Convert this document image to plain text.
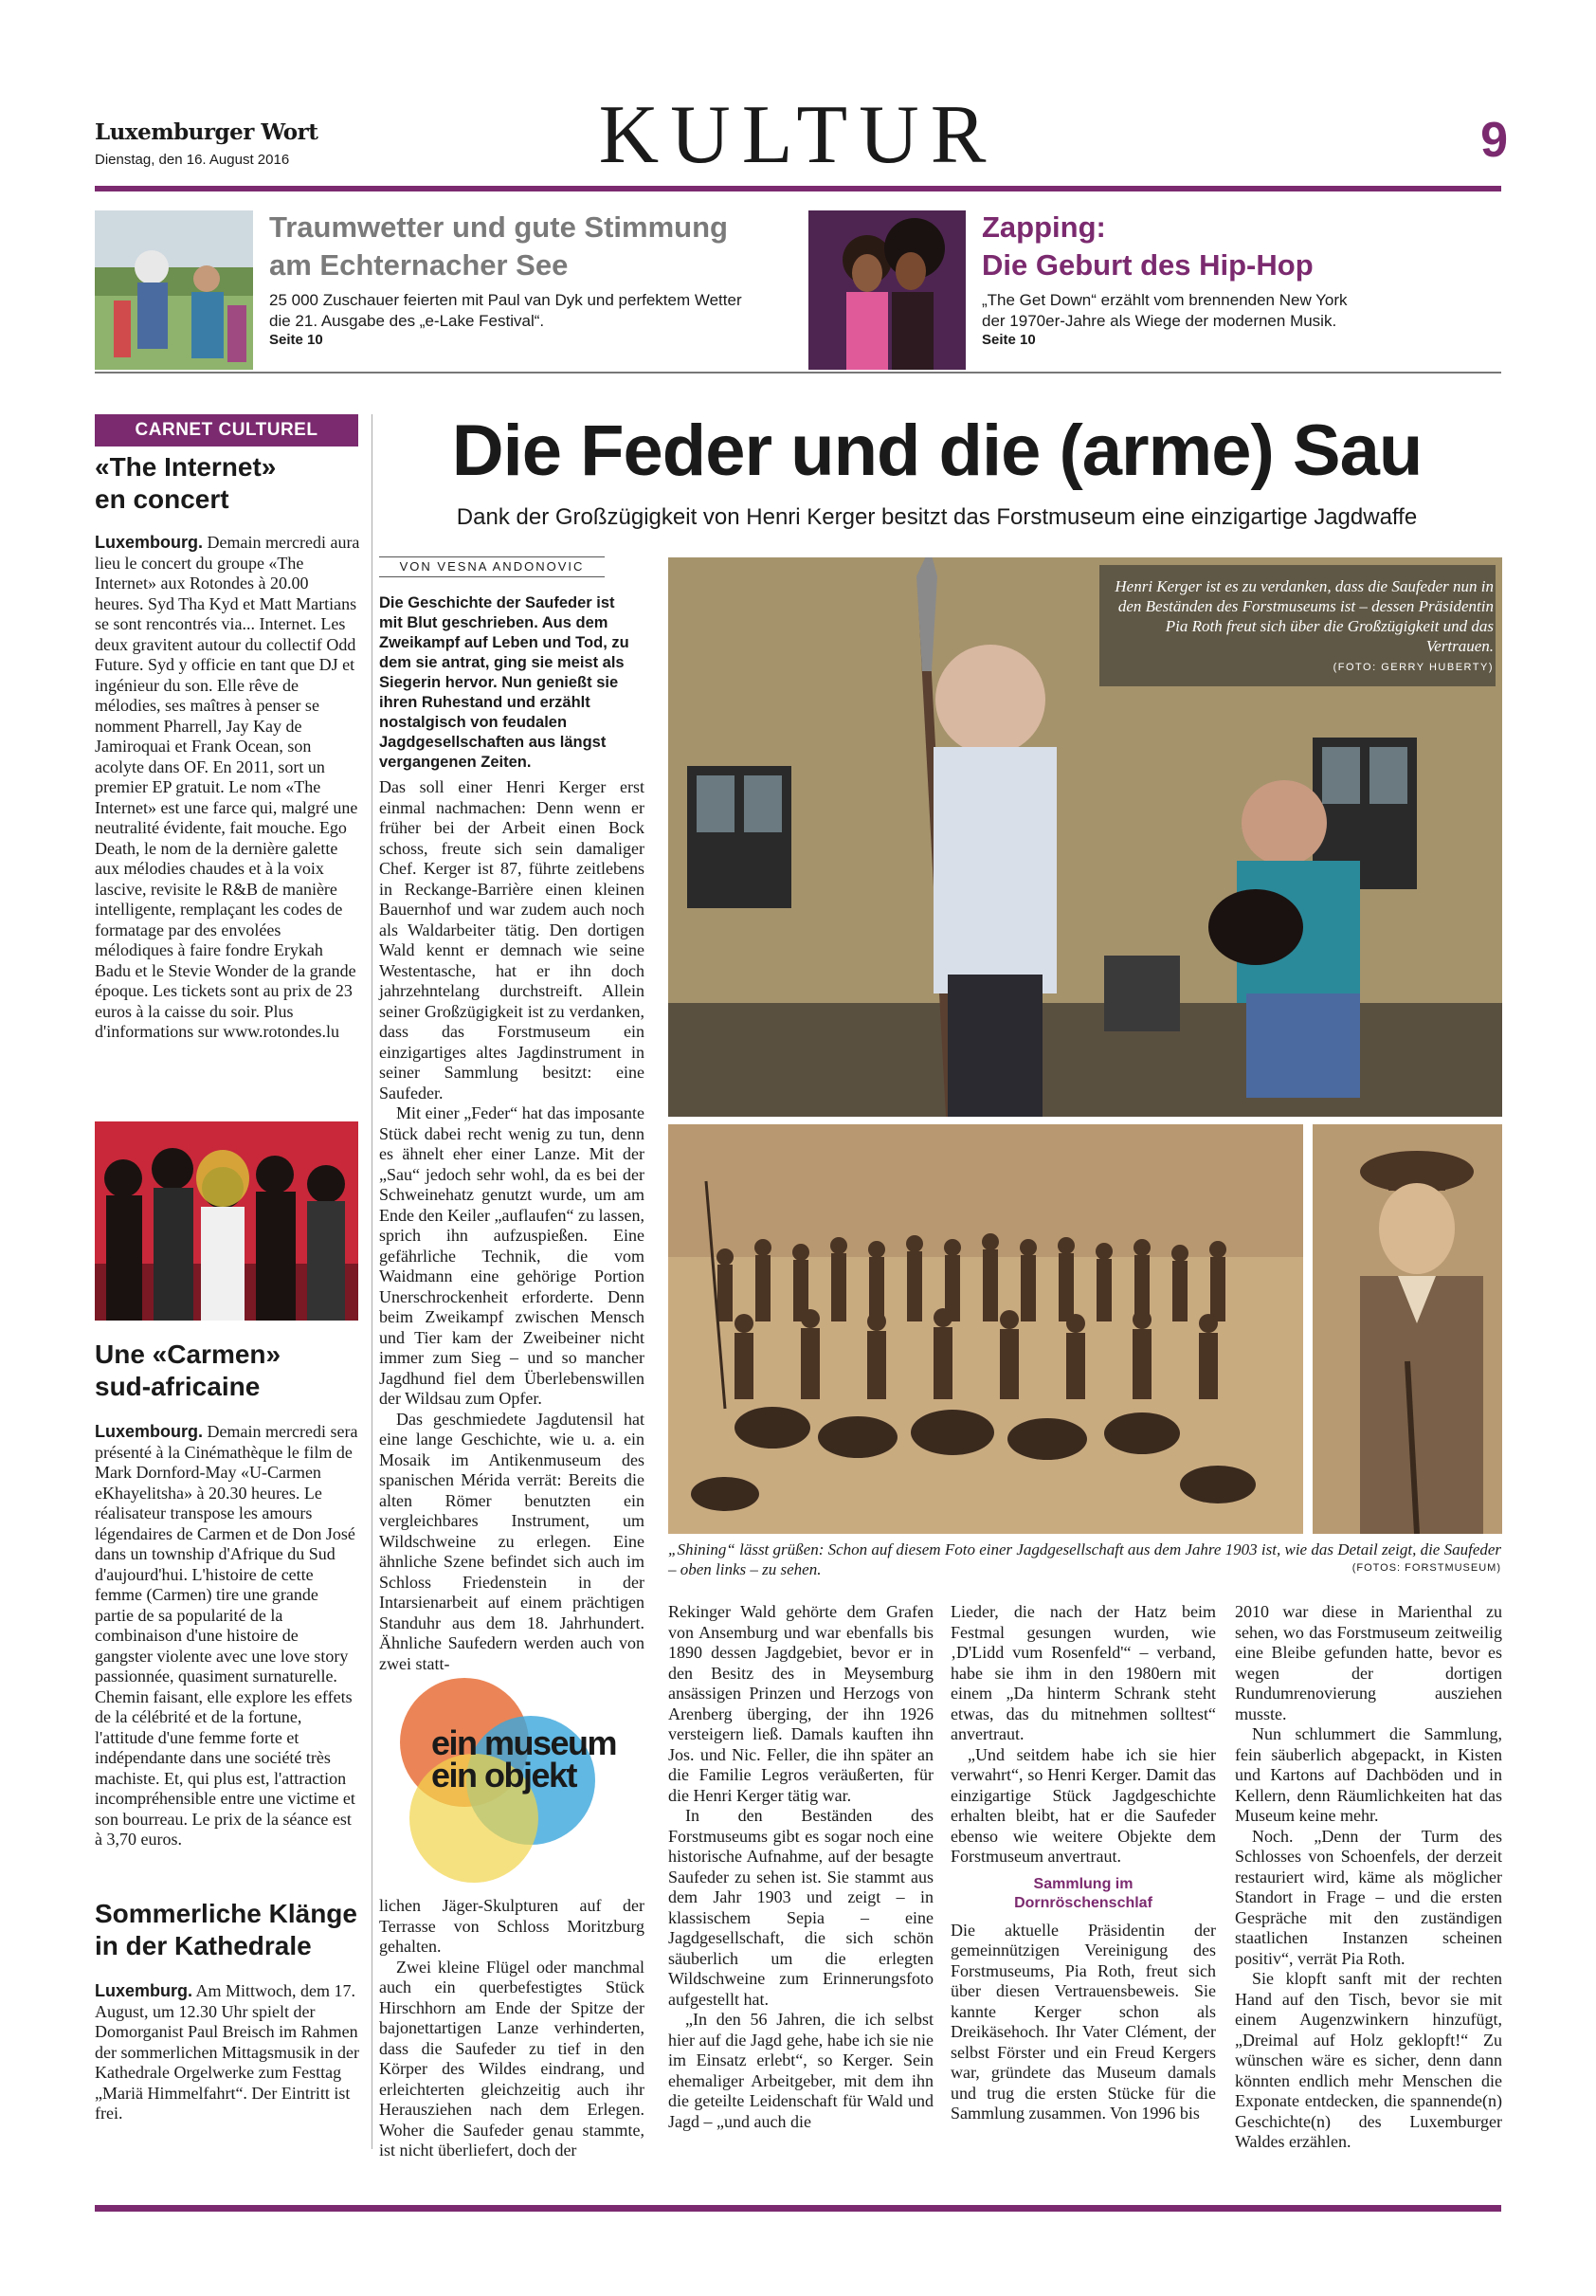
Luxemburger Wort
Dienstag, den 16. August 2016	KULTUR	9
Traumwetter und gute Stimmung
am Echternacher See
25 000 Zuschauer feierten mit Paul van Dyk und perfektem Wetter
die 21. Ausgabe des „e-Lake Festival“.
Seite 10
Zapping:
Die Geburt des Hip-Hop
„The Get Down“ erzählt vom brennenden New York
der 1970er-Jahre als Wiege der modernen Musik.
Seite 10
CARNET CULTUREL
«The Internet»
en concert
Luxembourg. Demain mercredi aura lieu le concert du groupe «The Internet» aux Rotondes à 20.00 heures. Syd Tha Kyd et Matt Martians se sont rencontrés via... Internet. Les deux gravitent autour du collectif Odd Future. Syd y officie en tant que DJ et ingénieur du son. Elle rêve de mélodies, ses maîtres à penser se nomment Pharrell, Jay Kay de Jamiroquai et Frank Ocean, son acolyte dans OF. En 2011, sort un premier EP gratuit. Le nom «The Internet» est une farce qui, malgré une neutralité évidente, fait mouche. Ego Death, le nom de la dernière galette aux mélodies chaudes et à la voix lascive, revisite le R&B de manière intelligente, remplaçant les codes de formatage par des envolées mélodiques à faire fondre Erykah Badu et le Stevie Wonder de la grande époque. Les tickets sont au prix de 23 euros à la caisse du soir. Plus d'informations sur www.rotondes.lu
Une «Carmen»
sud-africaine
Luxembourg. Demain mercredi sera présenté à la Cinémathèque le film de Mark Dornford-May «U-Carmen eKhayelitsha» à 20.30 heures. Le réalisateur transpose les amours légendaires de Carmen et de Don José dans un township d'Afrique du Sud d'aujourd'hui. L'histoire de cette femme (Carmen) tire une grande partie de sa popularité de la combinaison d'une histoire de gangster violente avec une love story passionnée, quasiment surnaturelle. Chemin faisant, elle explore les effets de la célébrité et de la fortune, l'attitude d'une femme forte et indépendante dans une société très machiste. Et, qui plus est, l'attraction incompréhensible entre une victime et son bourreau. Le prix de la séance est à 3,70 euros.
Sommerliche Klänge
in der Kathedrale
Luxemburg. Am Mittwoch, dem 17. August, um 12.30 Uhr spielt der Domorganist Paul Breisch im Rahmen der sommerlichen Mittagsmusik in der Kathedrale Orgelwerke zum Festtag „Mariä Himmelfahrt“. Der Eintritt ist frei.
Die Feder und die (arme) Sau
Dank der Großzügigkeit von Henri Kerger besitzt das Forstmuseum eine einzigartige Jagdwaffe
VON VESNA ANDONOVIC
Die Geschichte der Saufeder ist mit Blut geschrieben. Aus dem Zweikampf auf Leben und Tod, zu dem sie antrat, ging sie meist als Siegerin hervor. Nun genießt sie ihren Ruhestand und erzählt nostalgisch von feudalen Jagdgesellschaften aus längst vergangenen Zeiten.

Das soll einer Henri Kerger erst einmal nachmachen: Denn wenn er früher bei der Arbeit einen Bock schoss, freute sich sein damaliger Chef. Kerger ist 87, führte zeitlebens in Reckange-Barrière einen kleinen Bauernhof und war zudem auch noch als Waldarbeiter tätig. Den dortigen Wald kennt er demnach wie seine Westentasche, hat er ihn doch jahrzehntelang durchstreift. Allein seiner Großzügigkeit ist zu verdanken, dass das Forstmuseum ein einzigartiges altes Jagdinstrument in seiner Sammlung besitzt: eine Saufeder.

Mit einer „Feder“ hat das imposante Stück dabei recht wenig zu tun, denn es ähnelt eher einer Lanze. Mit der „Sau“ jedoch sehr wohl, da es bei der Schweinehatz genutzt wurde, um am Ende den Keiler „auflaufen“ zu lassen, sprich ihn aufzuspießen. Eine gefährliche Technik, die vom Waidmann eine gehörige Portion Unerschrockenheit erforderte. Denn beim Zweikampf zwischen Mensch und Tier kam der Zweibeiner nicht immer zum Sieg – und so mancher Jagdhund fiel dem Überlebenswillen der Wildsau zum Opfer.

Das geschmiedete Jagdutensil hat eine lange Geschichte, wie u. a. ein Mosaik im Antikenmuseum des spanischen Mérida verrät: Bereits die alten Römer benutzten ein vergleichbares Instrument, um Wildschweine zu erlegen. Eine ähnliche Szene befindet sich auch im Schloss Friedenstein in der Intarsienarbeit auf einem prächtigen Standuhr aus dem 18. Jahrhundert. Ähnliche Saufedern werden auch von zwei statt-

ein museum
ein objekt

lichen Jäger-Skulpturen auf der Terrasse von Schloss Moritzburg gehalten.

Zwei kleine Flügel oder manchmal auch ein querbefestigtes Stück Hirschhorn am Ende der Spitze der bajonettartigen Lanze verhinderten, dass die Saufeder zu tief in den Körper des Wildes eindrang, und erleichterten gleichzeitig auch ihr Herausziehen nach dem Erlegen. Woher die Saufeder genau stammte, ist nicht überliefert, doch der

Henri Kerger ist es zu verdanken, dass die Saufeder nun in den Beständen des Forstmuseums ist – dessen Präsidentin Pia Roth freut sich über die Großzügigkeit und das Vertrauen.
(FOTO: GERRY HUBERTY)
„Shining“ lässt grüßen: Schon auf diesem Foto einer Jagdgesellschaft aus dem Jahre 1903 ist, wie das Detail zeigt, die Saufeder – oben links – zu sehen.	(FOTOS: FORSTMUSEUM)

Rekinger Wald gehörte dem Grafen von Ansemburg und war ebenfalls bis 1890 dessen Jagdgebiet, bevor er in den Besitz des in Meysemburg ansässigen Prinzen und Herzogs von Arenberg überging, der ihn 1926 versteigern ließ. Damals kauften ihn Jos. und Nic. Feller, die ihn später an die Familie Legros veräußerten, für die Henri Kerger tätig war.

In den Beständen des Forstmuseums gibt es sogar noch eine historische Aufnahme, auf der besagte Saufeder zu sehen ist. Sie stammt aus dem Jahr 1903 und zeigt – in klassischem Sepia – eine Jagdgesellschaft, die sich schön säuberlich um die erlegten Wildschweine zum Erinnerungsfoto aufgestellt hat.

„In den 56 Jahren, die ich selbst hier auf die Jagd gehe, habe ich sie nie im Einsatz erlebt“, so Kerger. Sein ehemaliger Arbeitgeber, mit dem ihn die geteilte Leidenschaft für Wald und Jagd – „und auch die

Lieder, die nach der Hatz beim Festmal gesungen wurden, wie ‚D'Lidd vum Rosenfeld'“ – verband, habe sie ihm in den 1980ern mit einem „Da hinterm Schrank steht etwas, das du mitnehmen solltest“ anvertraut.

„Und seitdem habe ich sie hier verwahrt“, so Henri Kerger. Damit das einzigartige Stück Jagdgeschichte erhalten bleibt, hat er die Saufeder ebenso wie weitere Objekte dem Forstmuseum anvertraut.

Sammlung im
Dornröschenschlaf

Die aktuelle Präsidentin der gemeinnützigen Vereinigung des Forstmuseums, Pia Roth, freut sich über diesen Vertrauensbeweis. Sie kannte Kerger schon als Dreikäsehoch. Ihr Vater Clément, der selbst Förster und ein Freud Kergers war, gründete das Museum damals und trug die ersten Stücke für die Sammlung zusammen. Von 1996 bis

2010 war diese in Marienthal zu sehen, wo das Forstmuseum zeitweilig eine Bleibe gefunden hatte, bevor es wegen der dortigen Rundumrenovierung ausziehen musste.

Nun schlummert die Sammlung, fein säuberlich abgepackt, in Kisten und Kartons auf Dachböden und in Kellern, denn Räumlichkeiten hat das Museum keine mehr.

Noch. „Denn der Turm des Schlosses von Schoenfels, der derzeit restauriert wird, käme als möglicher Standort in Frage – und die ersten Gespräche mit den zuständigen staatlichen Instanzen scheinen positiv“, verrät Pia Roth.

Sie klopft sanft mit der rechten Hand auf den Tisch, bevor sie mit einem Augenzwinkern hinzufügt, „Dreimal auf Holz geklopft!“ Zu wünschen wäre es sicher, denn dann könnten endlich mehr Menschen die Exponate entdecken, die spannende(n) Geschichte(n) des Luxemburger Waldes erzählen.
